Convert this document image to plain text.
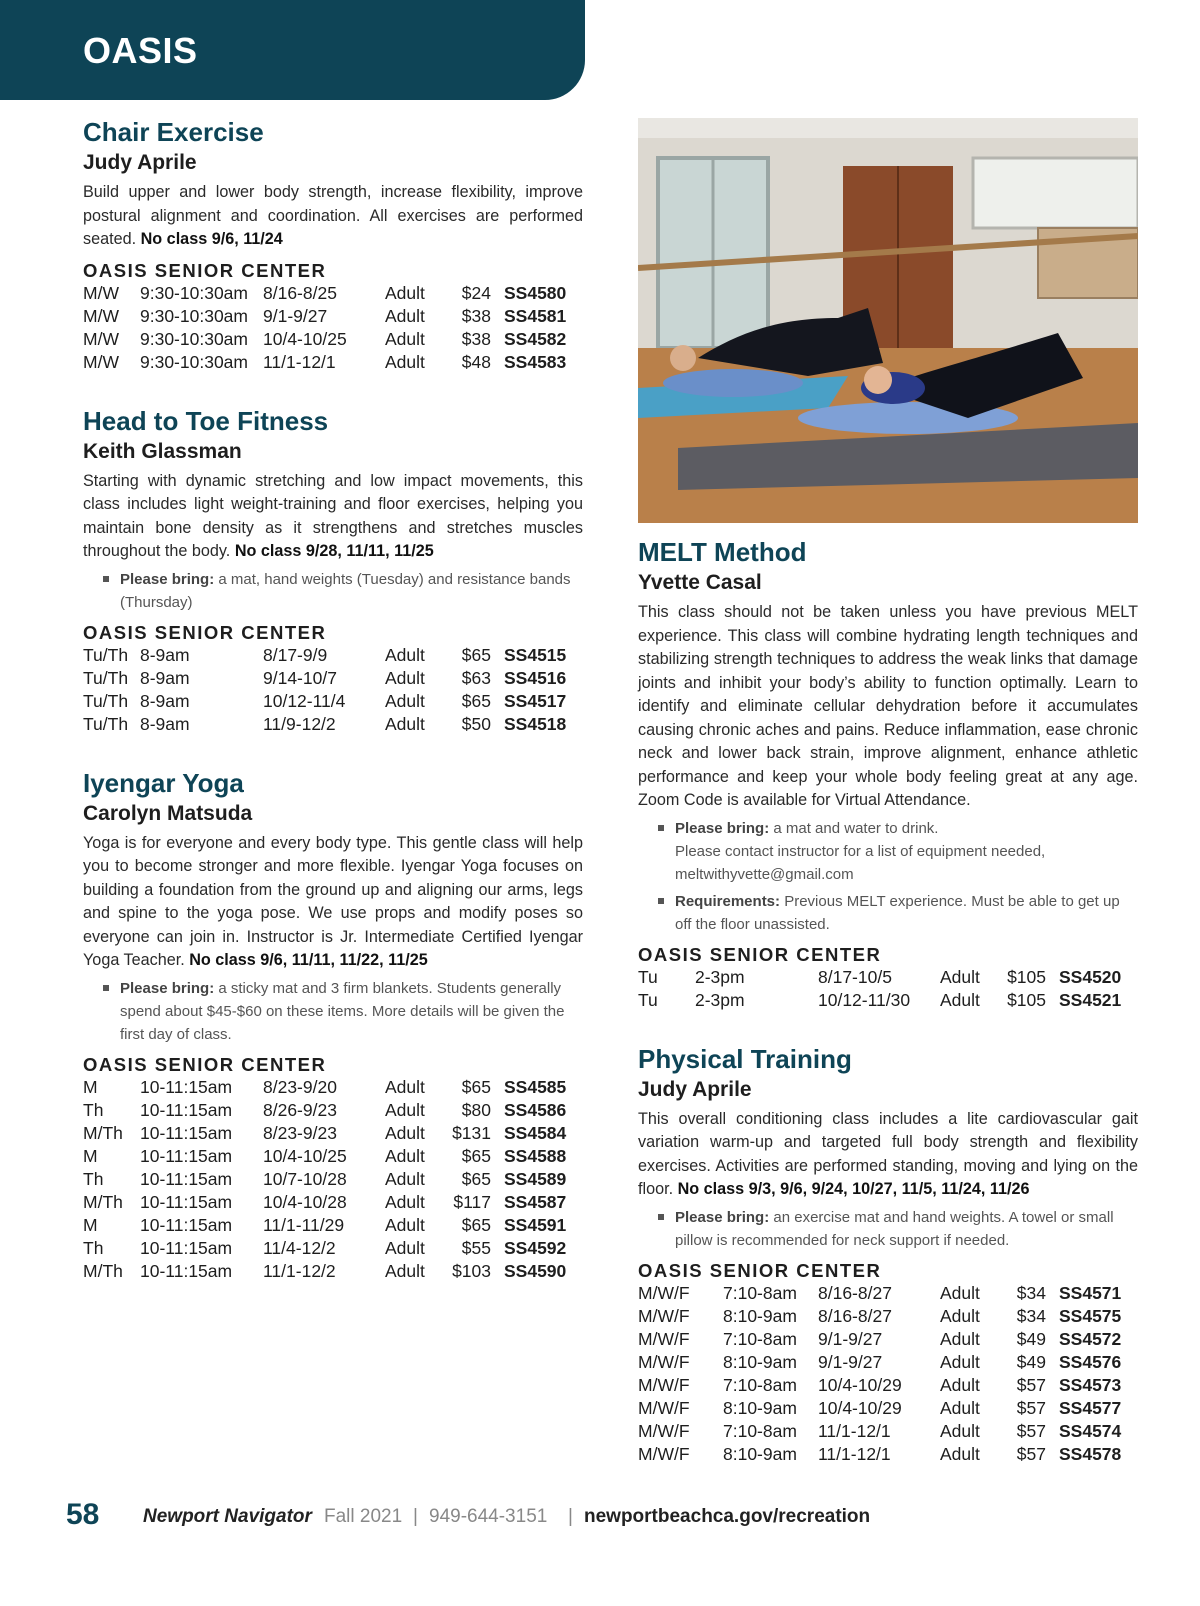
OASIS
Chair Exercise
Judy Aprile

Build upper and lower body strength, increase flexibility, improve postural alignment and coordination. All exercises are performed seated. No class 9/6, 11/24

OASIS SENIOR CENTER
M/W 9:30-10:30am 8/16-8/25	Adult $24 SS4580
M/W 9:30-10:30am 9/1-9/27	Adult $38 SS4581
M/W 9:30-10:30am 10/4-10/25 Adult $38 SS4582
M/W 9:30-10:30am 11/1-12/1	Adult $48 SS4583
Head to Toe Fitness
Keith Glassman

Starting with dynamic stretching and low impact movements, this class includes light weight-training and floor exercises, helping you maintain bone density as it strengthens and stretches muscles throughout the body. No class 9/28, 11/11, 11/25

Please bring: a mat, hand weights (Tuesday) and resistance bands (Thursday)
OASIS SENIOR CENTER
Tu/Th 8-9am	8/17-9/9	Adult $65 SS4515
Tu/Th 8-9am	9/14-10/7	Adult $63 SS4516
Tu/Th 8-9am	10/12-11/4 Adult $65 SS4517
Tu/Th 8-9am	11/9-12/2	Adult $50 SS4518
Iyengar Yoga
Carolyn Matsuda

Yoga is for everyone and every body type. This gentle class will help you to become stronger and more flexible. Iyengar Yoga focuses on building a foundation from the ground up and aligning our arms, legs and spine to the yoga pose. We use props and modify poses so everyone can join in. Instructor is Jr. Intermediate Certified Iyengar Yoga Teacher. No class 9/6, 11/11, 11/22, 11/25

Please bring: a sticky mat and 3 firm blankets. Students generally spend about $45-$60 on these items. More details will be given the first day of class.
OASIS SENIOR CENTER
M 10-11:15am 8/23-9/20	Adult $65 SS4585
Th 10-11:15am 8/26-9/23	Adult $80 SS4586
M/Th 10-11:15am 8/23-9/23	Adult $131 SS4584
M 10-11:15am 10/4-10/25 Adult $65 SS4588
Th 10-11:15am 10/7-10/28 Adult $65 SS4589
M/Th 10-11:15am 10/4-10/28 Adult $117 SS4587
M 10-11:15am 11/1-11/29 Adult $65 SS4591
Th 10-11:15am 11/4-12/2	Adult $55 SS4592
M/Th 10-11:15am 11/1-12/2	Adult $103 SS4590
MELT Method
Yvette Casal

This class should not be taken unless you have previous MELT experience. This class will combine hydrating length techniques and stabilizing strength techniques to address the weak links that damage joints and inhibit your body’s ability to function optimally. Learn to identify and eliminate cellular dehydration before it accumulates causing chronic aches and pains. Reduce inflammation, ease chronic neck and lower back strain, improve alignment, enhance athletic performance and keep your whole body feeling great at any age. Zoom Code is available for Virtual Attendance.

Please bring: a mat and water to drink.
Please contact instructor for a list of equipment needed,
meltwithyvette@gmail.com
Requirements: Previous MELT experience. Must be able to get up off the floor unassisted.
OASIS SENIOR CENTER
Tu 2-3pm	8/17-10/5	Adult $105 SS4520
Tu 2-3pm	10/12-11/30 Adult $105 SS4521
Physical Training
Judy Aprile

This overall conditioning class includes a lite cardiovascular gait variation warm-up and targeted full body strength and flexibility exercises. Activities are performed standing, moving and lying on the floor. No class 9/3, 9/6, 9/24, 10/27, 11/5, 11/24, 11/26

Please bring: an exercise mat and hand weights. A towel or small pillow is recommended for neck support if needed.
OASIS SENIOR CENTER
M/W/F 7:10-8am 8/16-8/27	Adult $34 SS4571
M/W/F 8:10-9am 8/16-8/27	Adult $34 SS4575
M/W/F 7:10-8am 9/1-9/27	Adult $49 SS4572
M/W/F 8:10-9am 9/1-9/27	Adult $49 SS4576
M/W/F 7:10-8am 10/4-10/29 Adult $57 SS4573
M/W/F 8:10-9am 10/4-10/29 Adult $57 SS4577
M/W/F 7:10-8am 11/1-12/1	Adult $57 SS4574
M/W/F 8:10-9am 11/1-12/1	Adult $57 SS4578
58 Newport Navigator Fall 2021 | 949-644-3151 | newportbeachca.gov/recreation
